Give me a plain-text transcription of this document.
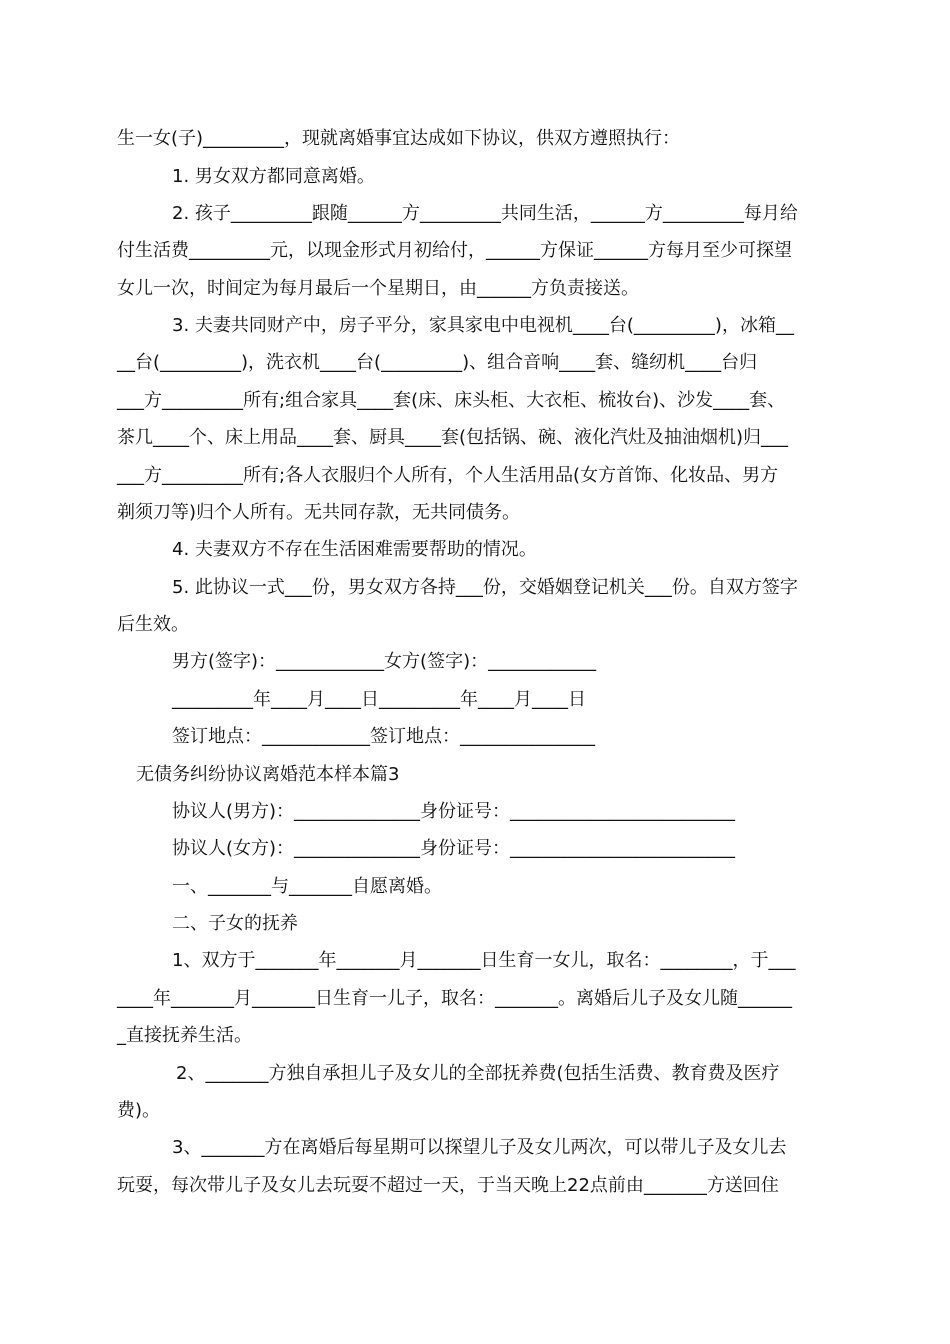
生一女(子)_________，现就离婚事宜达成如下协议，供双方遵照执行：
1. 男女双方都同意离婚。
2. 孩子_________跟随______方_________共同生活，______方_________每月给
付生活费_________元，以现金形式月初给付，______方保证______方每月至少可探望
女儿一次，时间定为每月最后一个星期日，由______方负责接送。
3. 夫妻共同财产中，房子平分，家具家电中电视机____台(_________)，冰箱__
__台(_________)，洗衣机____台(_________)、组合音响____套、缝纫机____台归
___方_________所有;组合家具____套(床、床头柜、大衣柜、梳妆台)、沙发____套、
茶几____个、床上用品____套、厨具____套(包括锅、碗、液化汽灶及抽油烟机)归___
___方_________所有;各人衣服归个人所有，个人生活用品(女方首饰、化妆品、男方
剃须刀等)归个人所有。无共同存款，无共同债务。
4. 夫妻双方不存在生活困难需要帮助的情况。
5. 此协议一式___份，男女双方各持___份，交婚姻登记机关___份。自双方签字
后生效。
男方(签字)：____________女方(签字)：____________
_________年____月____日_________年____月____日
签订地点：____________签订地点：_______________
无债务纠纷协议离婚范本样本篇3
协议人(男方)：______________身份证号：_________________________
协议人(女方)：______________身份证号：_________________________
一、_______与_______自愿离婚。
二、子女的抚养
1、双方于_______年_______月_______日生育一女儿，取名：________，于___
____年_______月_______日生育一儿子，取名：_______。离婚后儿子及女儿随______
_直接抚养生活。
2、_______方独自承担儿子及女儿的全部抚养费(包括生活费、教育费及医疗
费)。
3、_______方在离婚后每星期可以探望儿子及女儿两次，可以带儿子及女儿去
玩耍，每次带儿子及女儿去玩耍不超过一天，于当天晚上22点前由_______方送回住
